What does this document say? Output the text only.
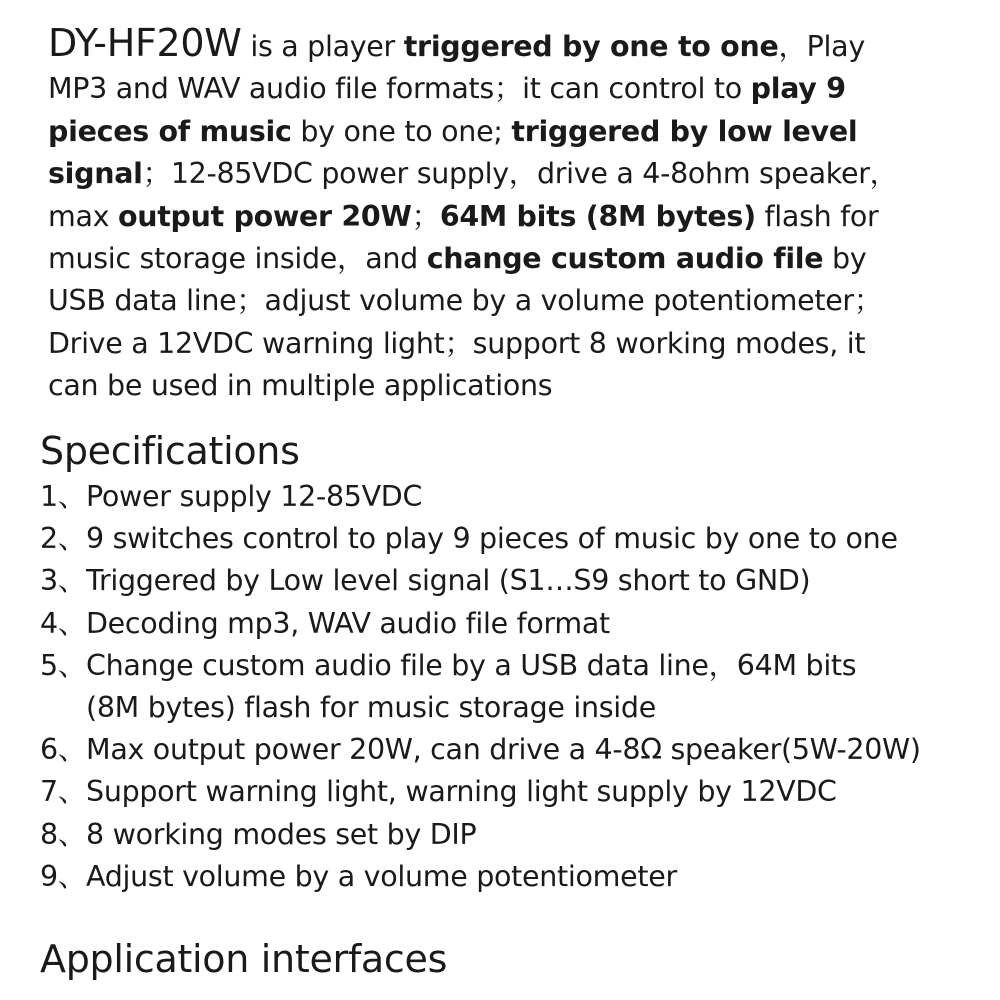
DY-HF20W is a player triggered by one to one，Play
MP3 and WAV audio file formats；it can control to play 9
pieces of music by one to one; triggered by low level
signal；12-85VDC power supply，drive a 4-8ohm speaker，
max output power 20W；64M bits (8M bytes) flash for
music storage inside，and change custom audio file by
USB data line；adjust volume by a volume potentiometer；
Drive a 12VDC warning light；support 8 working modes, it
can be used in multiple applications
Specifications
1、Power supply 12-85VDC
2、9 switches control to play 9 pieces of music by one to one
3、Triggered by Low level signal (S1…S9 short to GND)
4、Decoding mp3, WAV audio file format
5、Change custom audio file by a USB data line，64M bits
(8M bytes) flash for music storage inside
6、Max output power 20W, can drive a 4-8Ω speaker(5W-20W)
7、Support warning light, warning light supply by 12VDC
8、8 working modes set by DIP
9、Adjust volume by a volume potentiometer
Application interfaces
